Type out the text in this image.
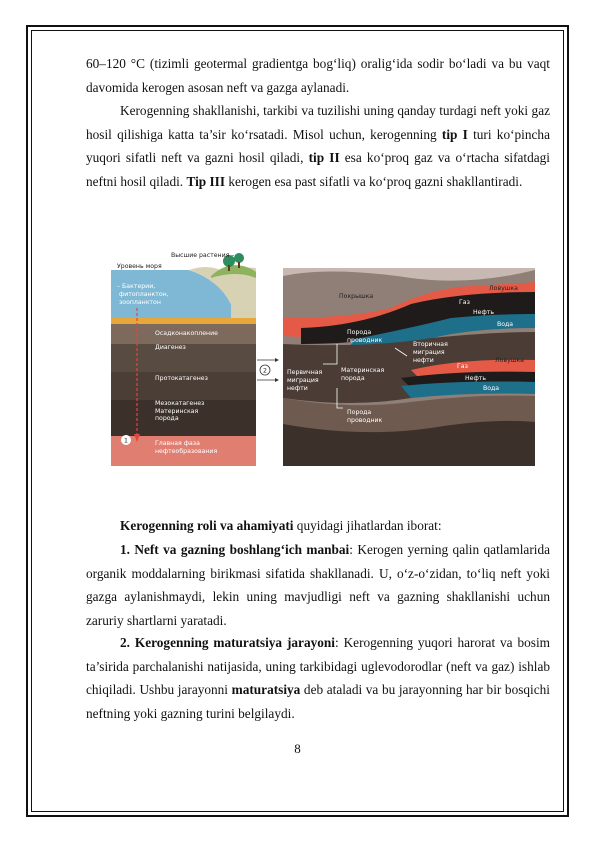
60–120 °C (tizimli geotermal gradientga bog‘liq) oralig‘ida sodir bo‘ladi va bu vaqt davomida kerogen asosan neft va gazga aylanadi.

Kerogenning shakllanishi, tarkibi va tuzilishi uning qanday turdagi neft yoki gaz hosil qilishiga katta ta’sir ko‘rsatadi. Misol uchun, kerogenning tip I turi ko‘pincha yuqori sifatli neft va gazni hosil qiladi, tip II esa ko‘proq gaz va o‘rtacha sifatdagi neftni hosil qiladi. Tip III kerogen esa past sifatli va ko‘proq gazni shakllantiradi.

Высшие растения –
Уровень моря
– Бактерии,
фитопланктон,
зоопланктон
Осадконакопление
Диагенез
Протокатагенез
Мезокатагенез
Материнская
порода
Главная фаза
нефтеобразования
1
2
Покрышка
Ловушка
Газ
Нефть
Вода
Порода
проводник
Вторичная
миграция
нефти	Ловушка
Газ
Нефть
Вода
Первичная
миграция
нефти
Материнская
порода
Порода
проводник

Kerogenning roli va ahamiyati quyidagi jihatlardan iborat:

1. Neft va gazning boshlang‘ich manbai: Kerogen yerning qalin qatlamlarida organik moddalarning birikmasi sifatida shakllanadi. U, o‘z-o‘zidan, to‘liq neft yoki gazga aylanishmaydi, lekin uning mavjudligi neft va gazning shakllanishi uchun zaruriy shartlarni yaratadi.

2. Kerogenning maturatsiya jarayoni: Kerogenning yuqori harorat va bosim ta’sirida parchalanishi natijasida, uning tarkibidagi uglevodorodlar (neft va gaz) ishlab chiqiladi. Ushbu jarayonni maturatsiya deb ataladi va bu jarayonning har bir bosqichi neftning yoki gazning turini belgilaydi.

8
